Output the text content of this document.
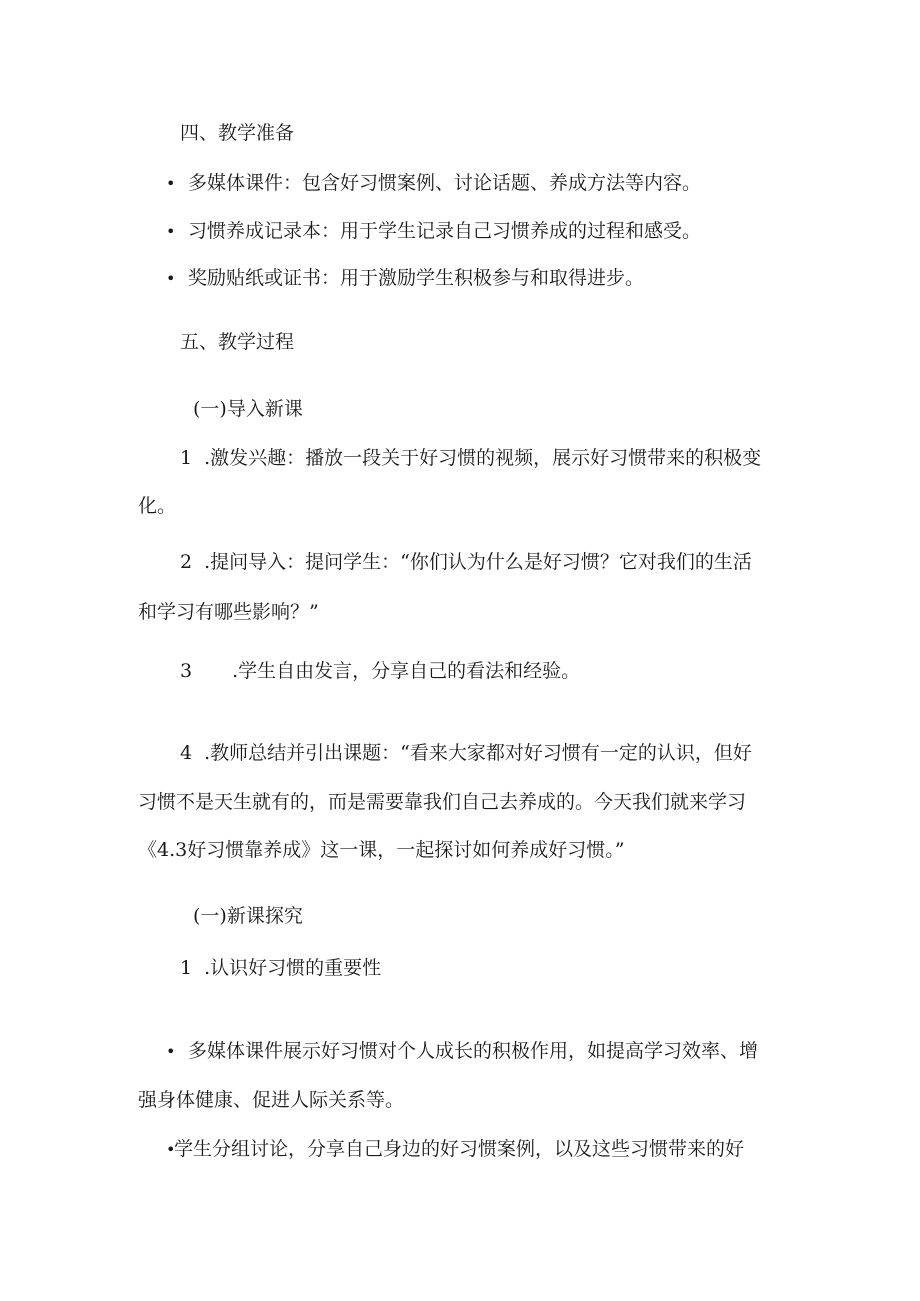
四、教学准备
• 多媒体课件：包含好习惯案例、讨论话题、养成方法等内容。
• 习惯养成记录本：用于学生记录自己习惯养成的过程和感受。
• 奖励贴纸或证书：用于激励学生积极参与和取得进步。
五、教学过程
(一)导入新课
1 .激发兴趣：播放一段关于好习惯的视频，展示好习惯带来的积极变
化。
2 .提问导入：提问学生：“你们认为什么是好习惯？它对我们的生活
和学习有哪些影响？”
3 .学生自由发言，分享自己的看法和经验。
4 .教师总结并引出课题：“看来大家都对好习惯有一定的认识，但好
习惯不是天生就有的，而是需要靠我们自己去养成的。今天我们就来学习
《4.3好习惯靠养成》这一课，一起探讨如何养成好习惯。”
(一)新课探究
1 .认识好习惯的重要性
• 多媒体课件展示好习惯对个人成长的积极作用，如提高学习效率、增
强身体健康、促进人际关系等。
•学生分组讨论，分享自己身边的好习惯案例，以及这些习惯带来的好
